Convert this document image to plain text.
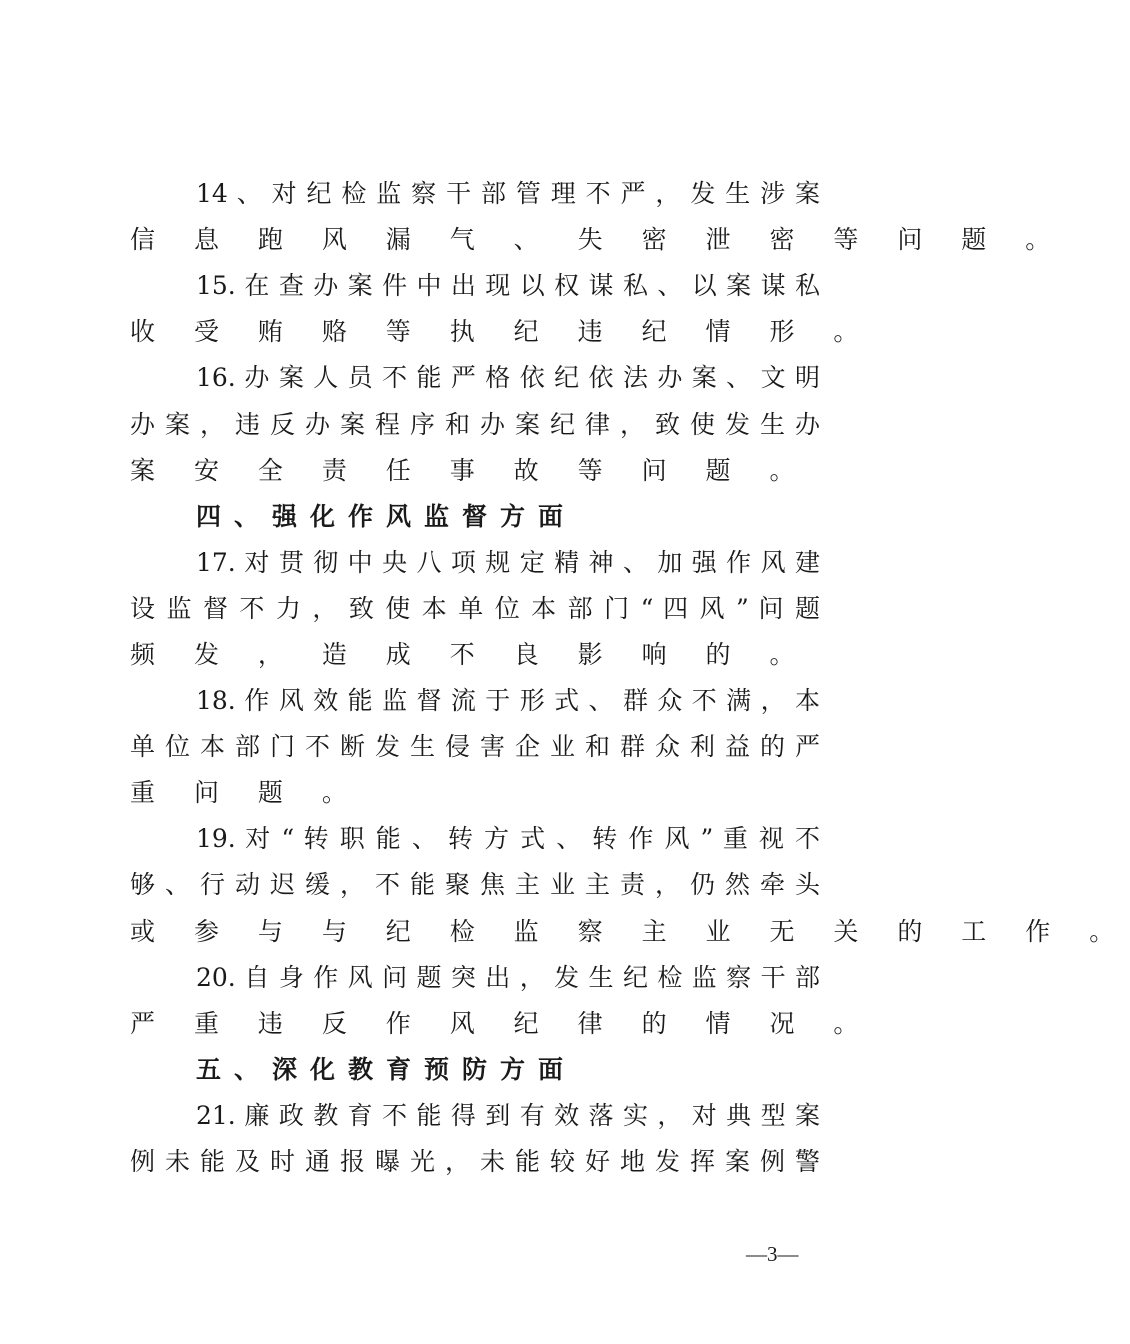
14 、 对 纪 检 监 察 干 部 管 理 不 严 ， 发 生 涉 案
信 息 跑 风 漏 气 、 失 密 泄 密 等 问 题 。
15. 在 查 办 案 件 中 出 现 以 权 谋 私 、 以 案 谋 私
收 受 贿 赂 等 执 纪 违 纪 情 形 。
16. 办 案 人 员 不 能 严 格 依 纪 依 法 办 案 、 文 明
办 案 ， 违 反 办 案 程 序 和 办 案 纪 律 ， 致 使 发 生 办
案 安 全 责 任 事 故 等 问 题 。
四、强化作风监督方面
17. 对 贯 彻 中 央 八 项 规 定 精 神 、 加 强 作 风 建
设 监 督 不 力 ， 致 使 本 单 位 本 部 门 “ 四 风 ” 问 题
频 发 ， 造 成 不 良 影 响 的 。
18. 作 风 效 能 监 督 流 于 形 式 、 群 众 不 满 ， 本
单 位 本 部 门 不 断 发 生 侵 害 企 业 和 群 众 利 益 的 严
重 问 题 。
19. 对 “ 转 职 能 、 转 方 式 、 转 作 风 ” 重 视 不
够 、 行 动 迟 缓 ， 不 能 聚 焦 主 业 主 责 ， 仍 然 牵 头
或 参 与 与 纪 检 监 察 主 业 无 关 的 工 作 。
20. 自 身 作 风 问 题 突 出 ， 发 生 纪 检 监 察 干 部
严 重 违 反 作 风 纪 律 的 情 况 。
五、深化教育预防方面
21. 廉 政 教 育 不 能 得 到 有 效 落 实 ， 对 典 型 案
例 未 能 及 时 通 报 曝 光 ， 未 能 较 好 地 发 挥 案 例 警
—3—
